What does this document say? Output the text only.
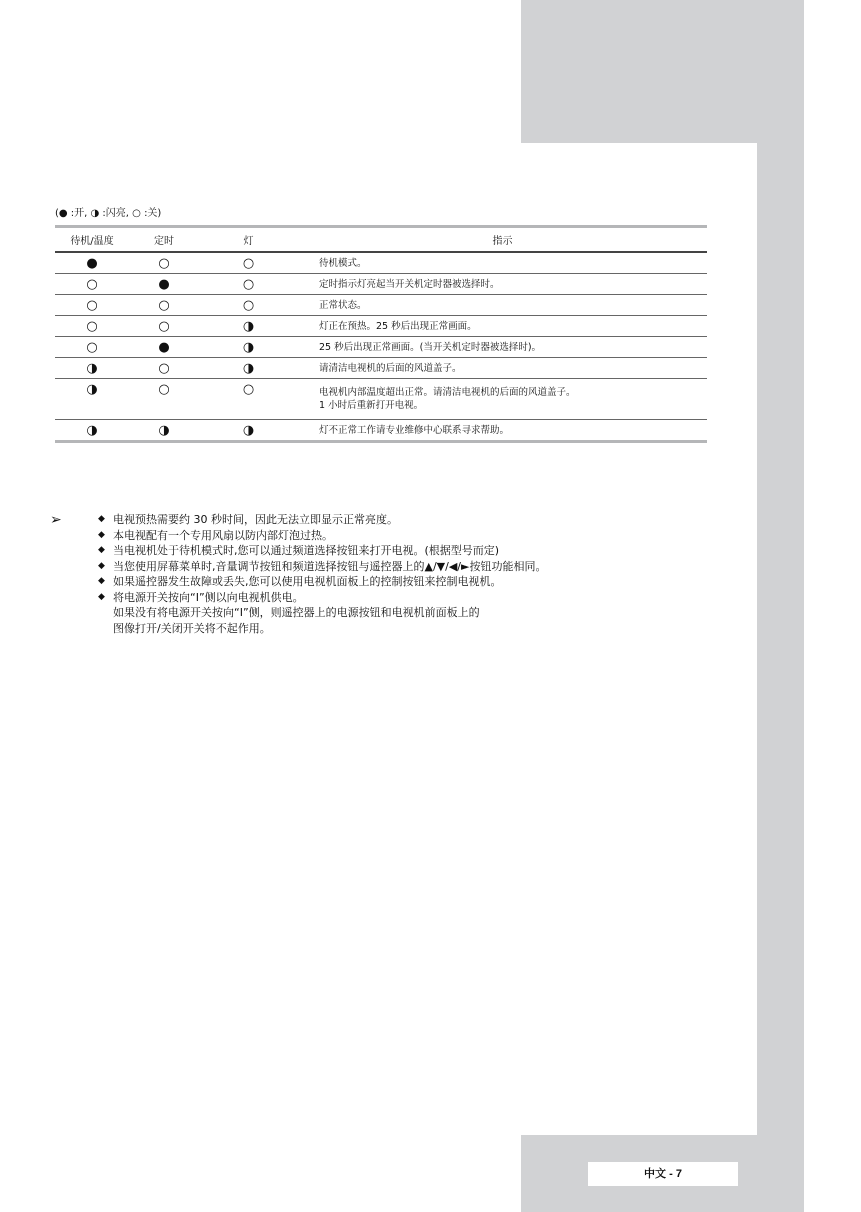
(● :开, ◑ :闪亮, ○ :关)
待机/温度	定时	灯	指示
●	○	○	待机模式。
○	●	○	定时指示灯亮起当开关机定时器被选择时。
○	○	○	正常状态。
○	○	◑	灯正在预热。25 秒后出现正常画面。
○	●	◑	25 秒后出现正常画面。(当开关机定时器被选择时)。
◑	○	◑	请清洁电视机的后面的风道盖子。
◑	○	○	电视机内部温度超出正常。请清洁电视机的后面的风道盖子。
1 小时后重新打开电视。

◑	◑	◑	灯不正常工作请专业维修中心联系寻求帮助。
➢	◆ 电视预热需要约 30 秒时间，因此无法立即显示正常亮度。
◆ 本电视配有一个专用风扇以防内部灯泡过热。
◆ 当电视机处于待机模式时,您可以通过频道选择按钮来打开电视。(根据型号而定)
◆ 当您使用屏幕菜单时,音量调节按钮和频道选择按钮与遥控器上的▲/▼/◀/►按钮功能相同。
◆ 如果遥控器发生故障或丢失,您可以使用电视机面板上的控制按钮来控制电视机。
◆ 将电源开关按向“I”侧以向电视机供电。
如果没有将电源开关按向“I”侧，则遥控器上的电源按钮和电视机前面板上的
图像打开/关闭开关将不起作用。
中文 - 7
